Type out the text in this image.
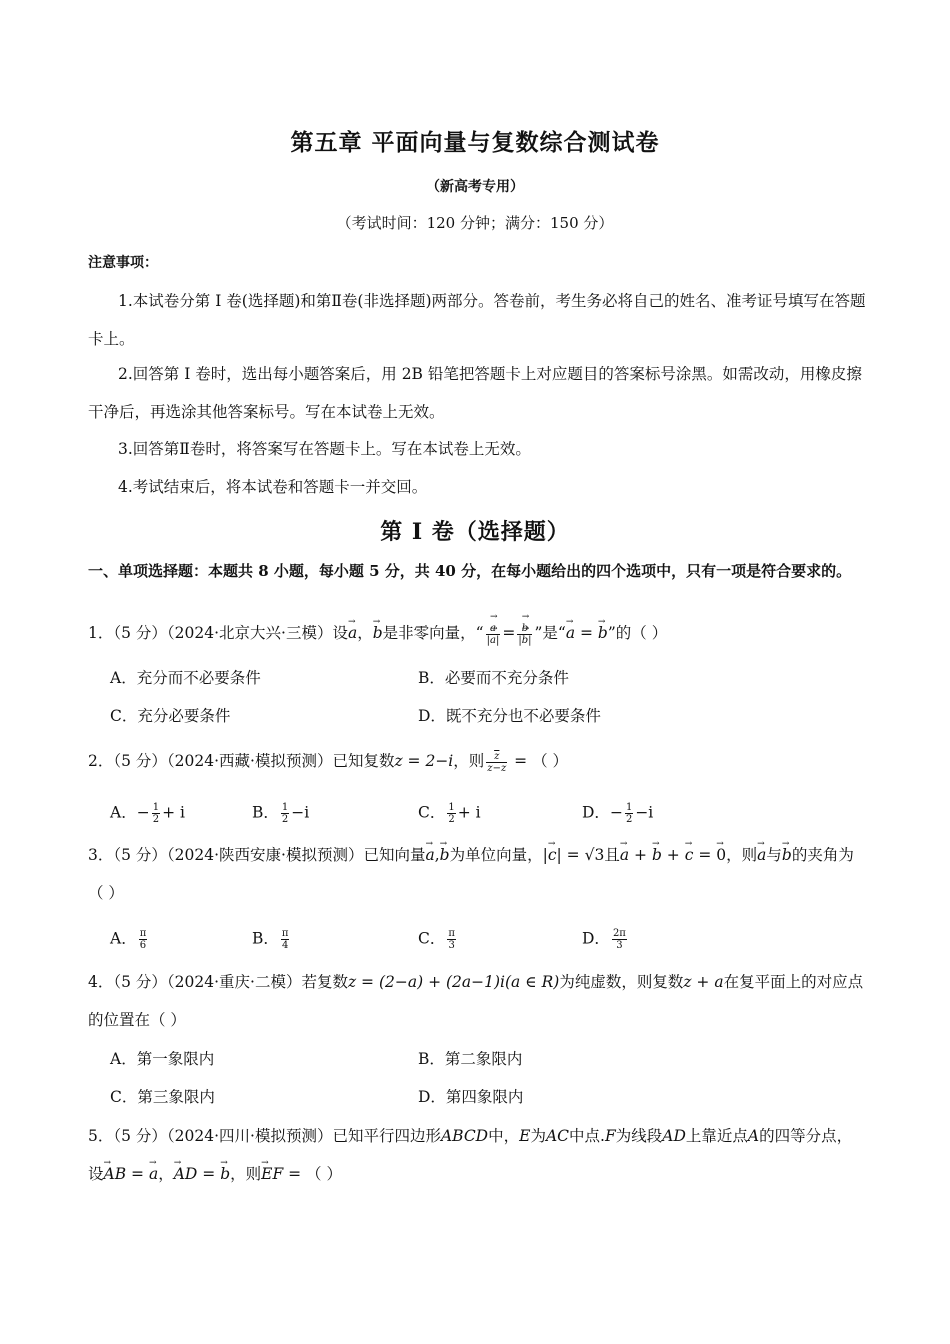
第五章 平面向量与复数综合测试卷
（新高考专用）
（考试时间：120 分钟；满分：150 分）
注意事项：
1.本试卷分第 I 卷(选择题)和第Ⅱ卷(非选择题)两部分。答卷前，考生务必将自己的姓名、准考证号填写在答题卡上。
2.回答第 I 卷时，选出每小题答案后，用 2B 铅笔把答题卡上对应题目的答案标号涂黑。如需改动，用橡皮擦干净后，再选涂其他答案标号。写在本试卷上无效。
3.回答第Ⅱ卷时，将答案写在答题卡上。写在本试卷上无效。
4.考试结束后，将本试卷和答题卡一并交回。
第 I 卷（选择题）
一、单项选择题：本题共 8 小题，每小题 5 分，共 40 分，在每小题给出的四个选项中，只有一项是符合要求的。
1．（5 分）（2024·北京大兴·三模）设→ a，→ b是非零向量，“ → $\frac{a}{|\to a|}$ = → $\frac{b}{|\to b|}$ ”是“→ a = → b”的（ ）
A．充分而不必要条件	B．必要而不充分条件
C．充分必要条件	D．既不充分也不必要条件
2．（5 分）（2024·西藏·模拟预测）已知复数z = 2−i，则 $\frac{\overline{z}}{z-\overline{z}}$ = （ ）
A．− $\frac{1}{2} + i$	B． $\frac{1}{2} -i$	C． $\frac{1}{2} + i$	D．− $\frac{1}{2} -i$
3．（5 分）（2024·陕西安康·模拟预测）已知向量→ a,→ b为单位向量，|→ c| = √3且→ a + → b + → c = → 0，则→ a与→ b的夹角为（ ）
A． $\frac{\pi}{6}$	B． $\frac{\pi}{4}$	C． $\frac{\pi}{3}$	D． $\frac{2\pi}{3}$
4．（5 分）（2024·重庆·二模）若复数z = (2−a) + (2a−1)i(a ∈ R)为纯虚数，则复数z + a在复平面上的对应点的位置在（ ）
A．第一象限内	B．第二象限内
C．第三象限内	D．第四象限内
5．（5 分）（2024·四川·模拟预测）已知平行四边形ABCD中，E为AC中点.F为线段AD上靠近点A的四等分点，设→ AB = → a，→ AD = → b，则→ EF = （ ）
